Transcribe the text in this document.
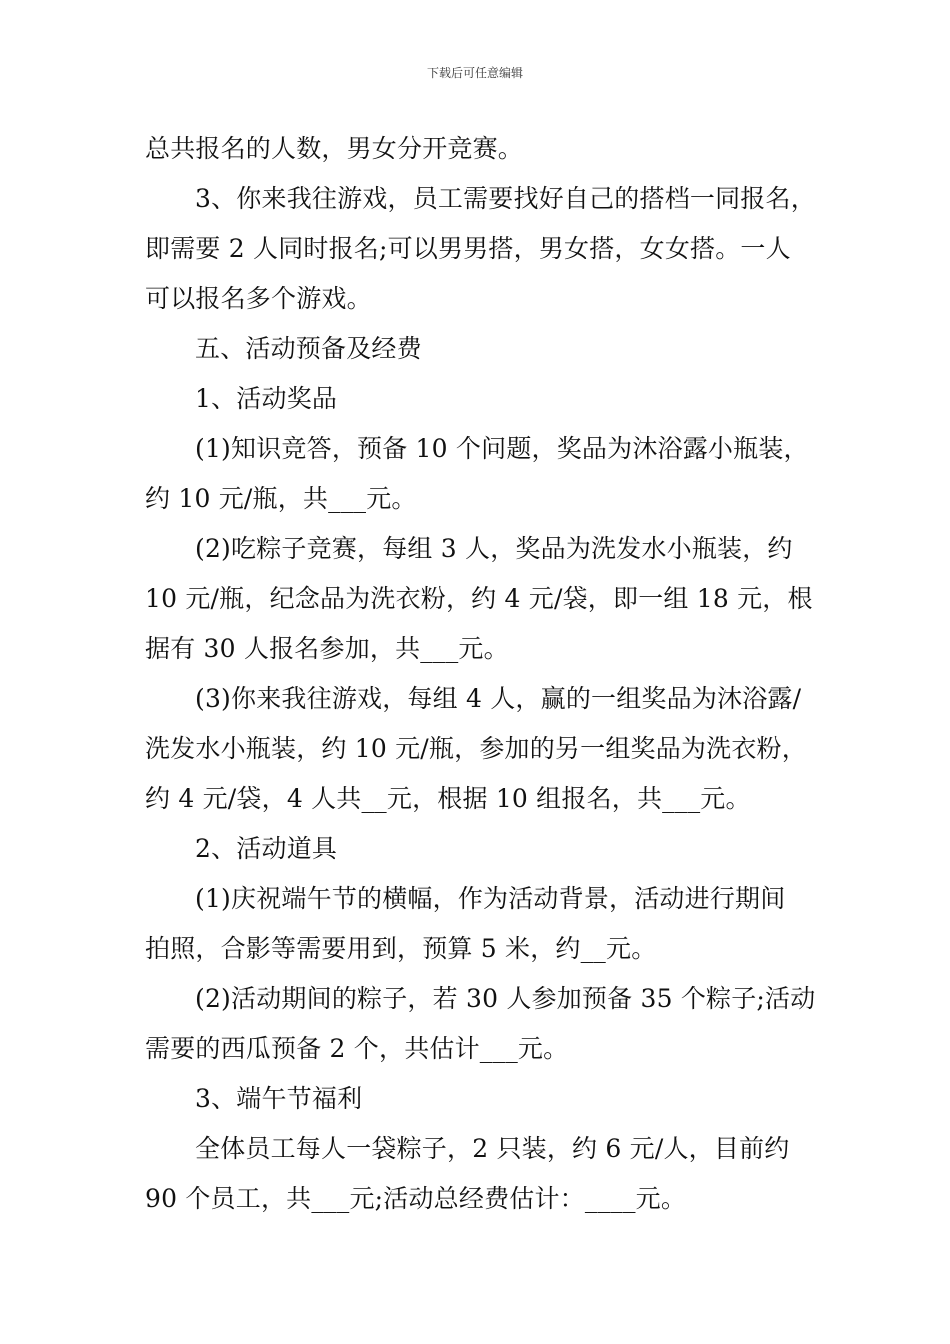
下载后可任意编辑
总共报名的人数，男女分开竞赛。
3、你来我往游戏，员工需要找好自己的搭档一同报名，
即需要 2 人同时报名;可以男男搭，男女搭，女女搭。一人
可以报名多个游戏。
五、活动预备及经费
1、活动奖品
(1)知识竞答，预备 10 个问题，奖品为沐浴露小瓶装，
约 10 元/瓶，共___元。
(2)吃粽子竞赛，每组 3 人，奖品为洗发水小瓶装，约
10 元/瓶，纪念品为洗衣粉，约 4 元/袋，即一组 18 元，根
据有 30 人报名参加，共___元。
(3)你来我往游戏，每组 4 人，赢的一组奖品为沐浴露/
洗发水小瓶装，约 10 元/瓶，参加的另一组奖品为洗衣粉，
约 4 元/袋，4 人共__元，根据 10 组报名，共___元。
2、活动道具
(1)庆祝端午节的横幅，作为活动背景，活动进行期间
拍照，合影等需要用到，预算 5 米，约__元。
(2)活动期间的粽子，若 30 人参加预备 35 个粽子;活动
需要的西瓜预备 2 个，共估计___元。
3、端午节福利
全体员工每人一袋粽子，2 只装，约 6 元/人，目前约
90 个员工，共___元;活动总经费估计：____元。
